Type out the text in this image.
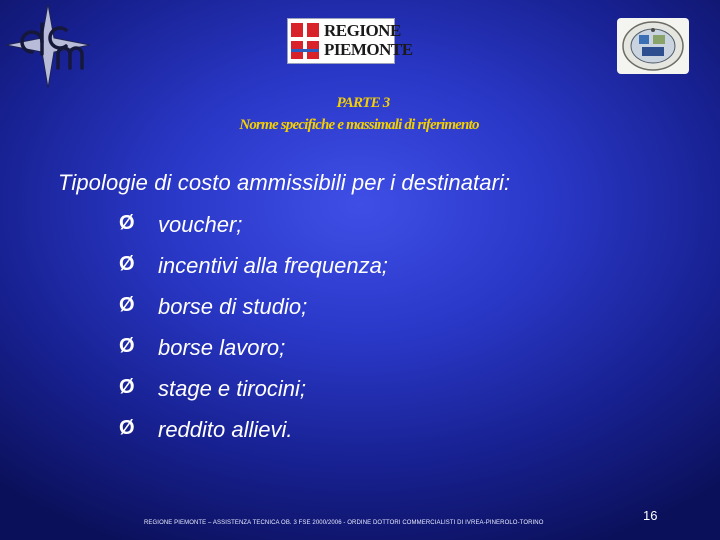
REGIONE
PIEMONTE
PARTE 3
Norme specifiche e massimali di riferimento
Tipologie di costo ammissibili per i destinatari:
Ø	voucher;
Ø	incentivi alla frequenza;
Ø	borse di studio;
Ø	borse lavoro;
Ø	stage e tirocini;
Ø	reddito allievi.
REGIONE PIEMONTE – ASSISTENZA TECNICA OB. 3 FSE 2000/2006 - ORDINE DOTTORI COMMERCIALISTI DI IVREA-PINEROLO-TORINO	16
